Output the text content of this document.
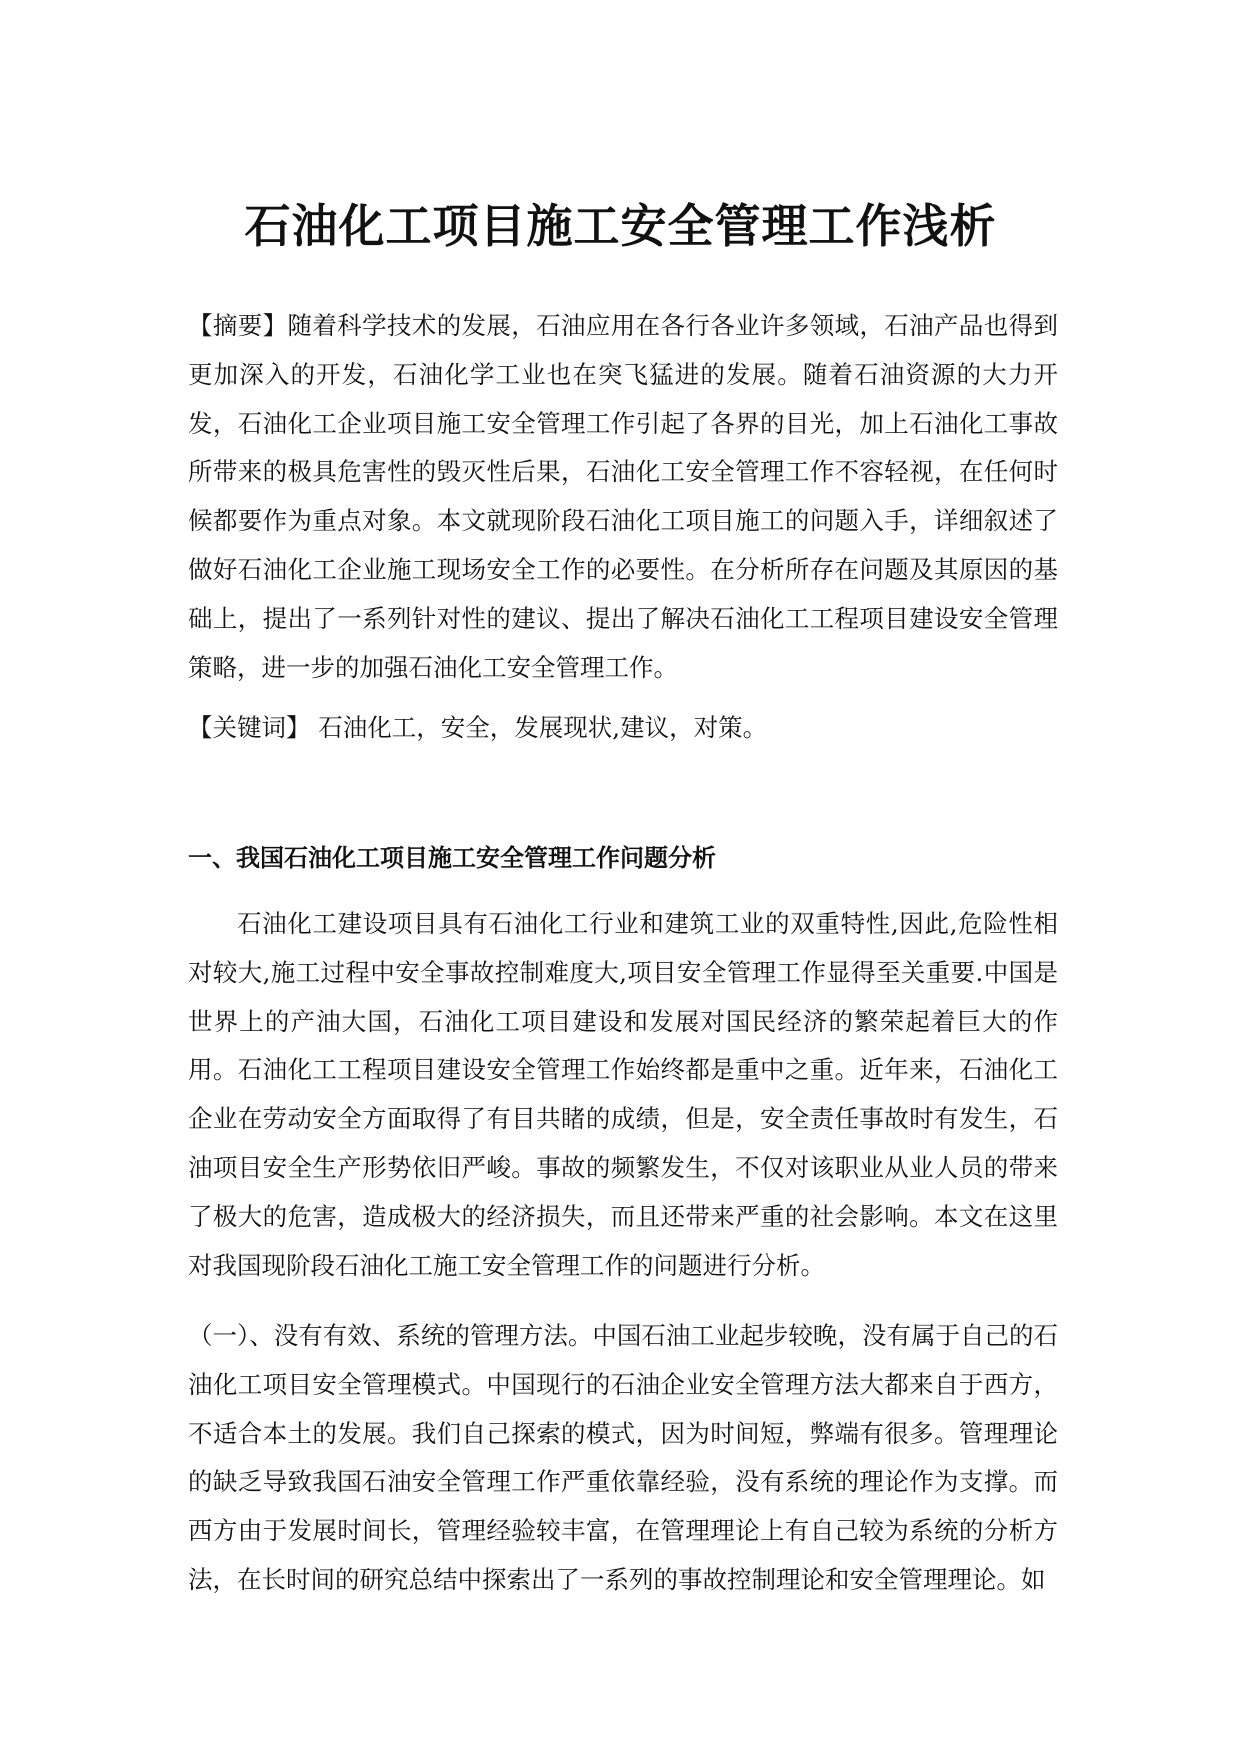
石油化工项目施工安全管理工作浅析

【摘要】随着科学技术的发展，石油应用在各行各业许多领域，石油产品也得到更加深入的开发，石油化学工业也在突飞猛进的发展。随着石油资源的大力开发，石油化工企业项目施工安全管理工作引起了各界的目光，加上石油化工事故所带来的极具危害性的毁灭性后果，石油化工安全管理工作不容轻视，在任何时候都要作为重点对象。本文就现阶段石油化工项目施工的问题入手，详细叙述了做好石油化工企业施工现场安全工作的必要性。在分析所存在问题及其原因的基础上，提出了一系列针对性的建议、提出了解决石油化工工程项目建设安全管理策略，进一步的加强石油化工安全管理工作。

【关键词】 石油化工，安全，发展现状,建议，对策。

一、我国石油化工项目施工安全管理工作问题分析

石油化工建设项目具有石油化工行业和建筑工业的双重特性,因此,危险性相对较大,施工过程中安全事故控制难度大,项目安全管理工作显得至关重要.中国是世界上的产油大国，石油化工项目建设和发展对国民经济的繁荣起着巨大的作用。石油化工工程项目建设安全管理工作始终都是重中之重。近年来，石油化工企业在劳动安全方面取得了有目共睹的成绩，但是，安全责任事故时有发生，石油项目安全生产形势依旧严峻。事故的频繁发生，不仅对该职业从业人员的带来了极大的危害，造成极大的经济损失，而且还带来严重的社会影响。本文在这里对我国现阶段石油化工施工安全管理工作的问题进行分析。

（一）、没有有效、系统的管理方法。中国石油工业起步较晚，没有属于自己的石油化工项目安全管理模式。中国现行的石油企业安全管理方法大都来自于西方，不适合本土的发展。我们自己探索的模式，因为时间短，弊端有很多。管理理论的缺乏导致我国石油安全管理工作严重依靠经验，没有系统的理论作为支撑。而西方由于发展时间长，管理经验较丰富，在管理理论上有自己较为系统的分析方法，在长时间的研究总结中探索出了一系列的事故控制理论和安全管理理论。如
